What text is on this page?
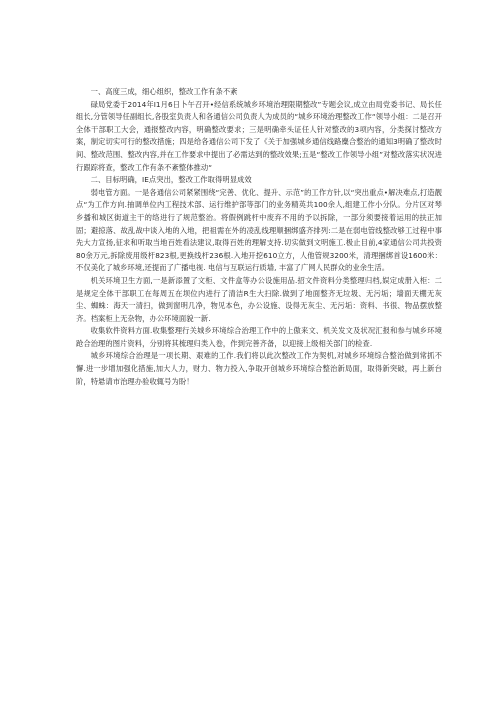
一、高度三成，细心组织，整改工作有条不紊

碌局党委于2014年I1月6日卜午召开•经信系统城乡环境治理限期整改”专题会议,成立由局党委书记、局长任组长,分管领导任副组长,各股室负责人和各通信公司负责人为成员的“城乡环境治理整改工作“领导小组：二是召开全体干部职工大会，通报整改内容，明确整改要求；三是明确牵头证任人针对整改的3项内容，分类探讨整改方案，制定切实可行的整改措施；四是给各通信公司下发了《关于加强城乡通信线路麋合整治的通知3明确了整改时间、整改范围、整改内容,并在工作要求中提出了必需达到的整改效果;五是“整改工作领导小组”对整改落实状况进行跟踪将查，整改工作有条不紊整体推动“

二、目标明确，IE点突出，整改工作取得明显成效

弱电管方面。一是各通信公司紧紧围绕“完善、优化、提升、示范”的工作方针,以“突出重点•解决难点,打造靓点“为工作方向.抽调单位内工程技术部、运行维护部等部门的业务精英共100余人,组建工作小分队。分片区对琴乡播和城区街道主干的络进行了规范整治。将假例跳杆中废弃不用的予以拆除，一部分须要接着运用的扶正加固；避掠落、故乱战中谈入地的入地，把祖需在外的凌乱线理顺捆绑盛齐排列:二是在弱电管线整改够工过程中事先大力宣扬,征求和听取当地百姓看法建议,取得百姓的理解支持.切实做到文明施工.极止目前,4家通信公司共投资80余万元,拆除废用级杆823根,更换线杆236根.入地开挖610立方，人他管规3200米，清理捆绑首设1600米：不仅美化了城乡环境,还提而了广播电视. 电信与互联运行质墙, 丰富了广网人民群众的业余生活。

机关环境卫生方面,一是新添置了文柜、文件盒等办公设施用品.招文件资料分类整理归档,娱定成册入柜：二是规定全体干部职工在每周五在坝位内进行了清洁R生大扫除.做到了地面整齐无垃圾、无污垢；墙面天棚无灰尘、蜘蛛：海天一清扫，做到窗明几净，物见本色，办公设施、设得无灰尘、无污垢：资料、书很、物品摆放整齐。档案柜上无杂物，办公环境面貌一新.

收集软件资料方面.收集整理行关城乡环境综合治理工作中的上傲来文、机关发文及状况汇报和参与城乡环境跄合治理的图片资料，分别将其梳理归类入卷，作到完善齐备，以迎接上级相关部门的检查.

城乡环境综合治理是一项长期、艰难的工作.我们将以此次整改工作为契机,对城乡环境综合整治做到常抓不懈.进一步增加强化措施,加大人力，财力、物力投入,争取开创城乡环境综合整治新局面，取得新突破，再上新台阶，特悬请市治理办验收辄号为盼！
